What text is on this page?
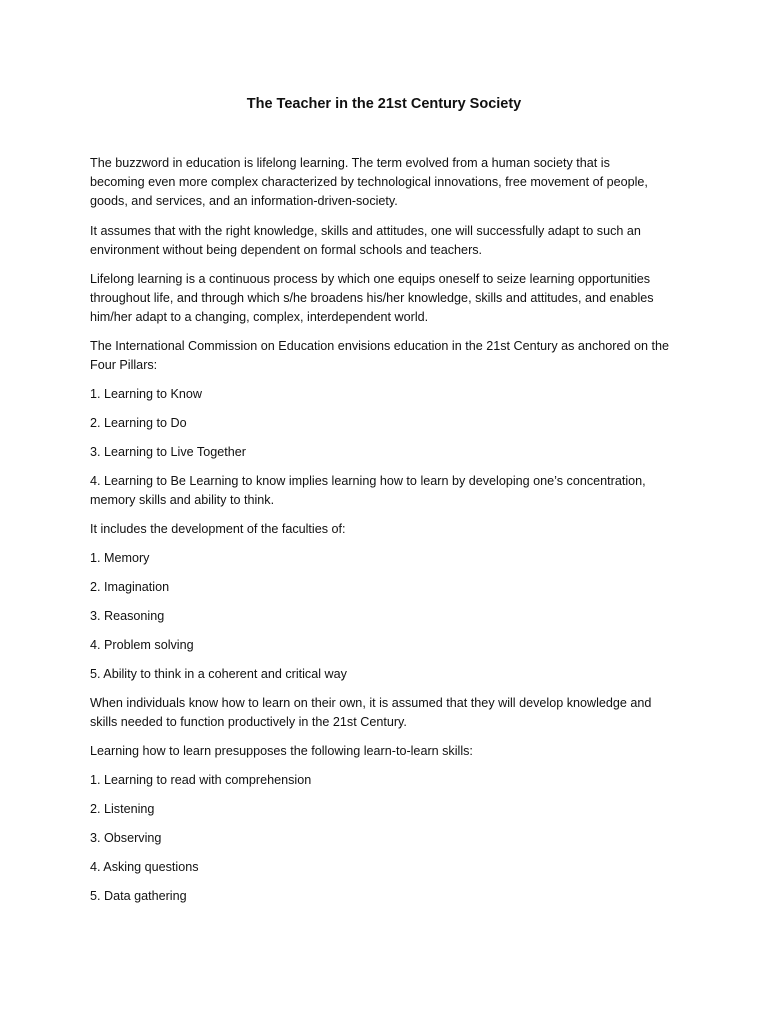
The Teacher in the 21st Century Society

The buzzword in education is lifelong learning. The term evolved from a human society that is

becoming even more complex characterized by technological innovations, free movement of people,

goods, and services, and an information-driven-society.

It assumes that with the right knowledge, skills and attitudes, one will successfully adapt to such an

environment without being dependent on formal schools and teachers.

Lifelong learning is a continuous process by which one equips oneself to seize learning opportunities

throughout life, and through which s/he broadens his/her knowledge, skills and attitudes, and enables

him/her adapt to a changing, complex, interdependent world.

The International Commission on Education envisions education in the 21st Century as anchored on the

Four Pillars:

1. Learning to Know

2. Learning to Do

3. Learning to Live Together

4. Learning to Be Learning to know implies learning how to learn by developing one’s concentration,

memory skills and ability to think.

It includes the development of the faculties of:

1. Memory

2. Imagination

3. Reasoning

4. Problem solving

5. Ability to think in a coherent and critical way

When individuals know how to learn on their own, it is assumed that they will develop knowledge and

skills needed to function productively in the 21st Century.

Learning how to learn presupposes the following learn-to-learn skills:

1. Learning to read with comprehension

2. Listening

3. Observing

4. Asking questions

5. Data gathering
